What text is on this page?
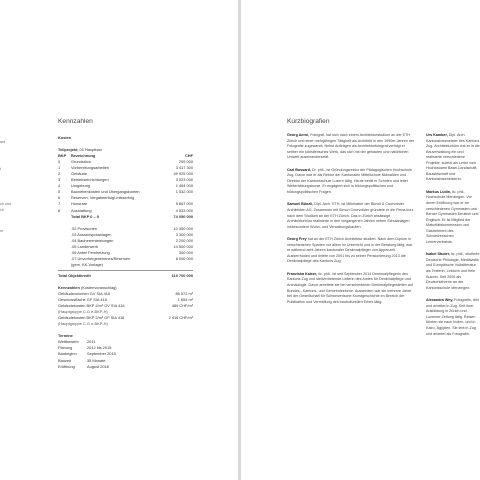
ant
t
ch und
ch
rn
Kennzahlen
Kosten
Teilprojekt, 01 Hauptbau
BKP	Bezeichnung	CHF
0	Grundstück	299 000
1	Vorbereitungsarbeiten	3 417 300
2	Gebäude	49 925 000
3	Betriebseinrichtungen	3 023 000
4	Umgebung	1 454 000
5	Baunebenkosten und Übergangskonten	1 532 000
6	Reserven, Vergabeerfolg/-misserfolg
7	Honorare	9 867 000
8	Ausstattung	4 533 000
Total BKP 0 – 9	74 050 000
.02 Provisorien	10 350 000
.03 Aussenspotanlagen	3 300 000
.04 Bauherrenleistungen	2 200 000
.05 Landerwerb	14 500 000
.06 Anteil Fernheizung	300 000
.07 Unvorhergesehenes/Reserven	6 000 000
(gem. KK-Vorlage)
Total Objektkredit	110 700 000
Kennzahlen (Kostenvoranschlag)
Gebäudevolumen GV SIA 416	86 572 m³
Geschossfläche GF SIA 416	1 654 m²
Gebäudekosten BKP 2/m³ GV SIA 416	489 CHF/m³
(Hauptgruppe C-G e-BKP-H)
Gebäudekosten BKP 2/m² GF SIA 416	2 416 CHF/m²
(Hauptgruppe C-G e-BKP-H)
Termine
Wettbewerb	2011
Planung	2012 bis 2015
Baubeginn	September 2015
Bauzeit	35 Monate
Eröffnung	August 2018
Kurzbiografien

Georg Aerni, Fotograf, hat sich nach einem Architekturstudium an der ETH Zürich und einer mehrjährigen Tätigkeit als Architekt in den 1990er Jahren der Fotografie zugewandt. Nebst Aufträgen als Architekturfotograf verfolgt er seither ein künstlerisches Werk, das sich mit der gebauten und natürlichen Umwelt auseinandersetzt.

Carl Bossard, Dr. phil., ist Gründungsrektor der Pädagogischen Hochschule Zug. Davor war er als Rektor der Kantonalen Mittelschule Nidwalden und Direktor der Kantonsschule Luzern tätig. Heute berät er Schulen und leitet Weiterbildungskurse. Er engagiert sich in bildungspolitischen und bildungspolitischen Fragen.

Samuel Bünzli, Dipl. Arch. ETH, ist Mitinhaber der Bünzli & Courvoisier Architekten AG. Zusammen mit Simon Courvoisier gründete er die Firma kurz nach dem Studium an der ETH Zürich. Das in Zürich ansässige Architekturbüro realisierte in den vergangenen Jahren neben Schulanlagen insbesondere Wohn- und Verwaltungsbauten.

Georg Frey hat an der ETH Zürich Architektur studiert. Nach dem Diplom in verschiedenen Sparten vor allem im Unterricht und in der Beratung tätig, war er während acht Jahren kantonaler Denkmalpfleger von Appenzell Ausserrhoden und leitete von 2001 bis zu seiner Pensionierung 2013 die Denkmalpflege des Kantons Zug.

Franziska Kaiser, lic. phil., ist seit September 2014 Denkmalpflegerin des Kantons Zug und stellvertretende Leiterin des Amtes für Denkmalpflege und Archäologie. Davor arbeitete sie bei verschiedenen Denkmalpflegestellen auf Bundes-, Kantons- und Gemeindeebene. Ausserdem war sie mehrere Jahre bei der Gesellschaft für Schweizerische Kunstgeschichte im Bereich der Publikation und Vermittlung des baukulturellen Erbes tätig.

Urs Kamber, Dipl. Arch. Kantonsbaumeister des Kantons Zug. Architekturbüro trat er in die Bauverwaltung ein und realisierte verschiedene Projekte, zuletzt als Leiter vom Hochbauamt Basel-Landschaft, Bauwirtschaft und Kantonsbaumeisterin.

Markus Lüdin, lic. phil., Hochschule Menzingen. Vor deren Eröffnung war er an verschiedenen Gymnasien und Berner Gymnasien Deutsch und Englisch. Er ist Mitglied der Maturitätskommission und Gastreferent des Schweizerischen Lehrerverbands.

Isabel Studer, lic. phil., studierte Deutsche Philologie, Mediävistik und Europäische Volksliteratur als Texterin, Lektorin und freie Autorin. Seit 2005 als Deutschlehrerin an der Kantonsschule Menzingen.

Alexandra Wey, Fotografin, lebt und arbeitet in Zug. Seit ihrer Ausbildung in Zürich und Luzerner Zeitung tätig. Reisen führten sie nach Indien, und in Kairo, Ägypten. Sie lebt in Zug und arbeitet als Fotografin.
